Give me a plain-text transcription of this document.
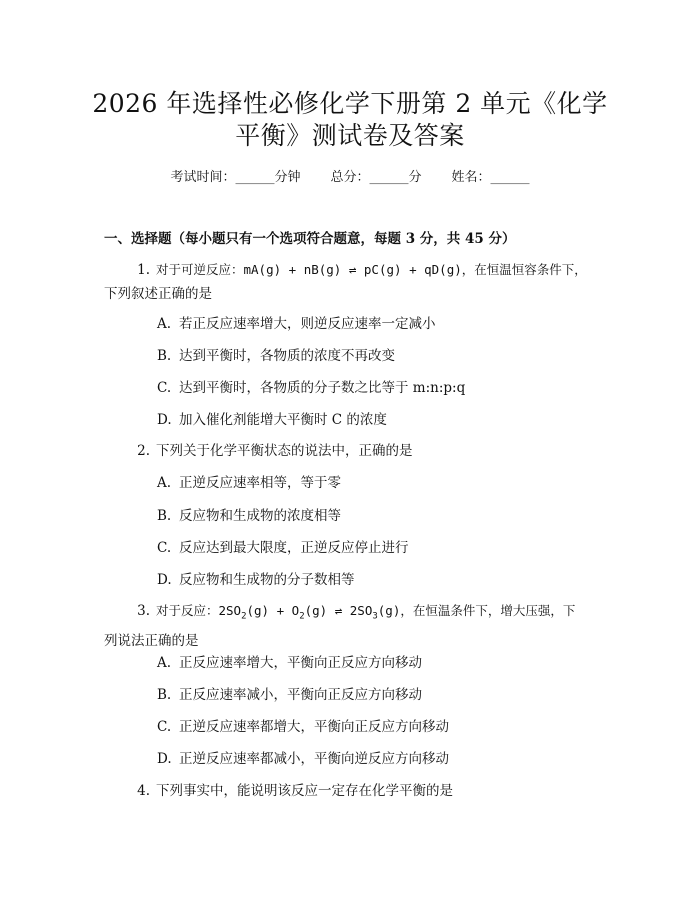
2026 年选择性必修化学下册第 2 单元《化学
平衡》测试卷及答案
考试时间：______分钟 总分：______分 姓名：______
一、选择题（每小题只有一个选项符合题意，每题 3 分，共 45 分）
1. 对于可逆反应：mA(g) + nB(g) ⇌ pC(g) + qD(g)，在恒温恒容条件下，
下列叙述正确的是
A. 若正反应速率增大，则逆反应速率一定减小
B. 达到平衡时，各物质的浓度不再改变
C. 达到平衡时，各物质的分子数之比等于 m:n:p:q
D. 加入催化剂能增大平衡时 C 的浓度
2. 下列关于化学平衡状态的说法中，正确的是
A. 正逆反应速率相等，等于零
B. 反应物和生成物的浓度相等
C. 反应达到最大限度，正逆反应停止进行
D. 反应物和生成物的分子数相等
3. 对于反应：$2SO_2(g) + O_2(g)$ ⇌ $2SO_3(g)$，在恒温条件下，增大压强，下
列说法正确的是
A. 正反应速率增大，平衡向正反应方向移动
B. 正反应速率减小，平衡向正反应方向移动
C. 正逆反应速率都增大，平衡向正反应方向移动
D. 正逆反应速率都减小，平衡向逆反应方向移动
4. 下列事实中，能说明该反应一定存在化学平衡的是
